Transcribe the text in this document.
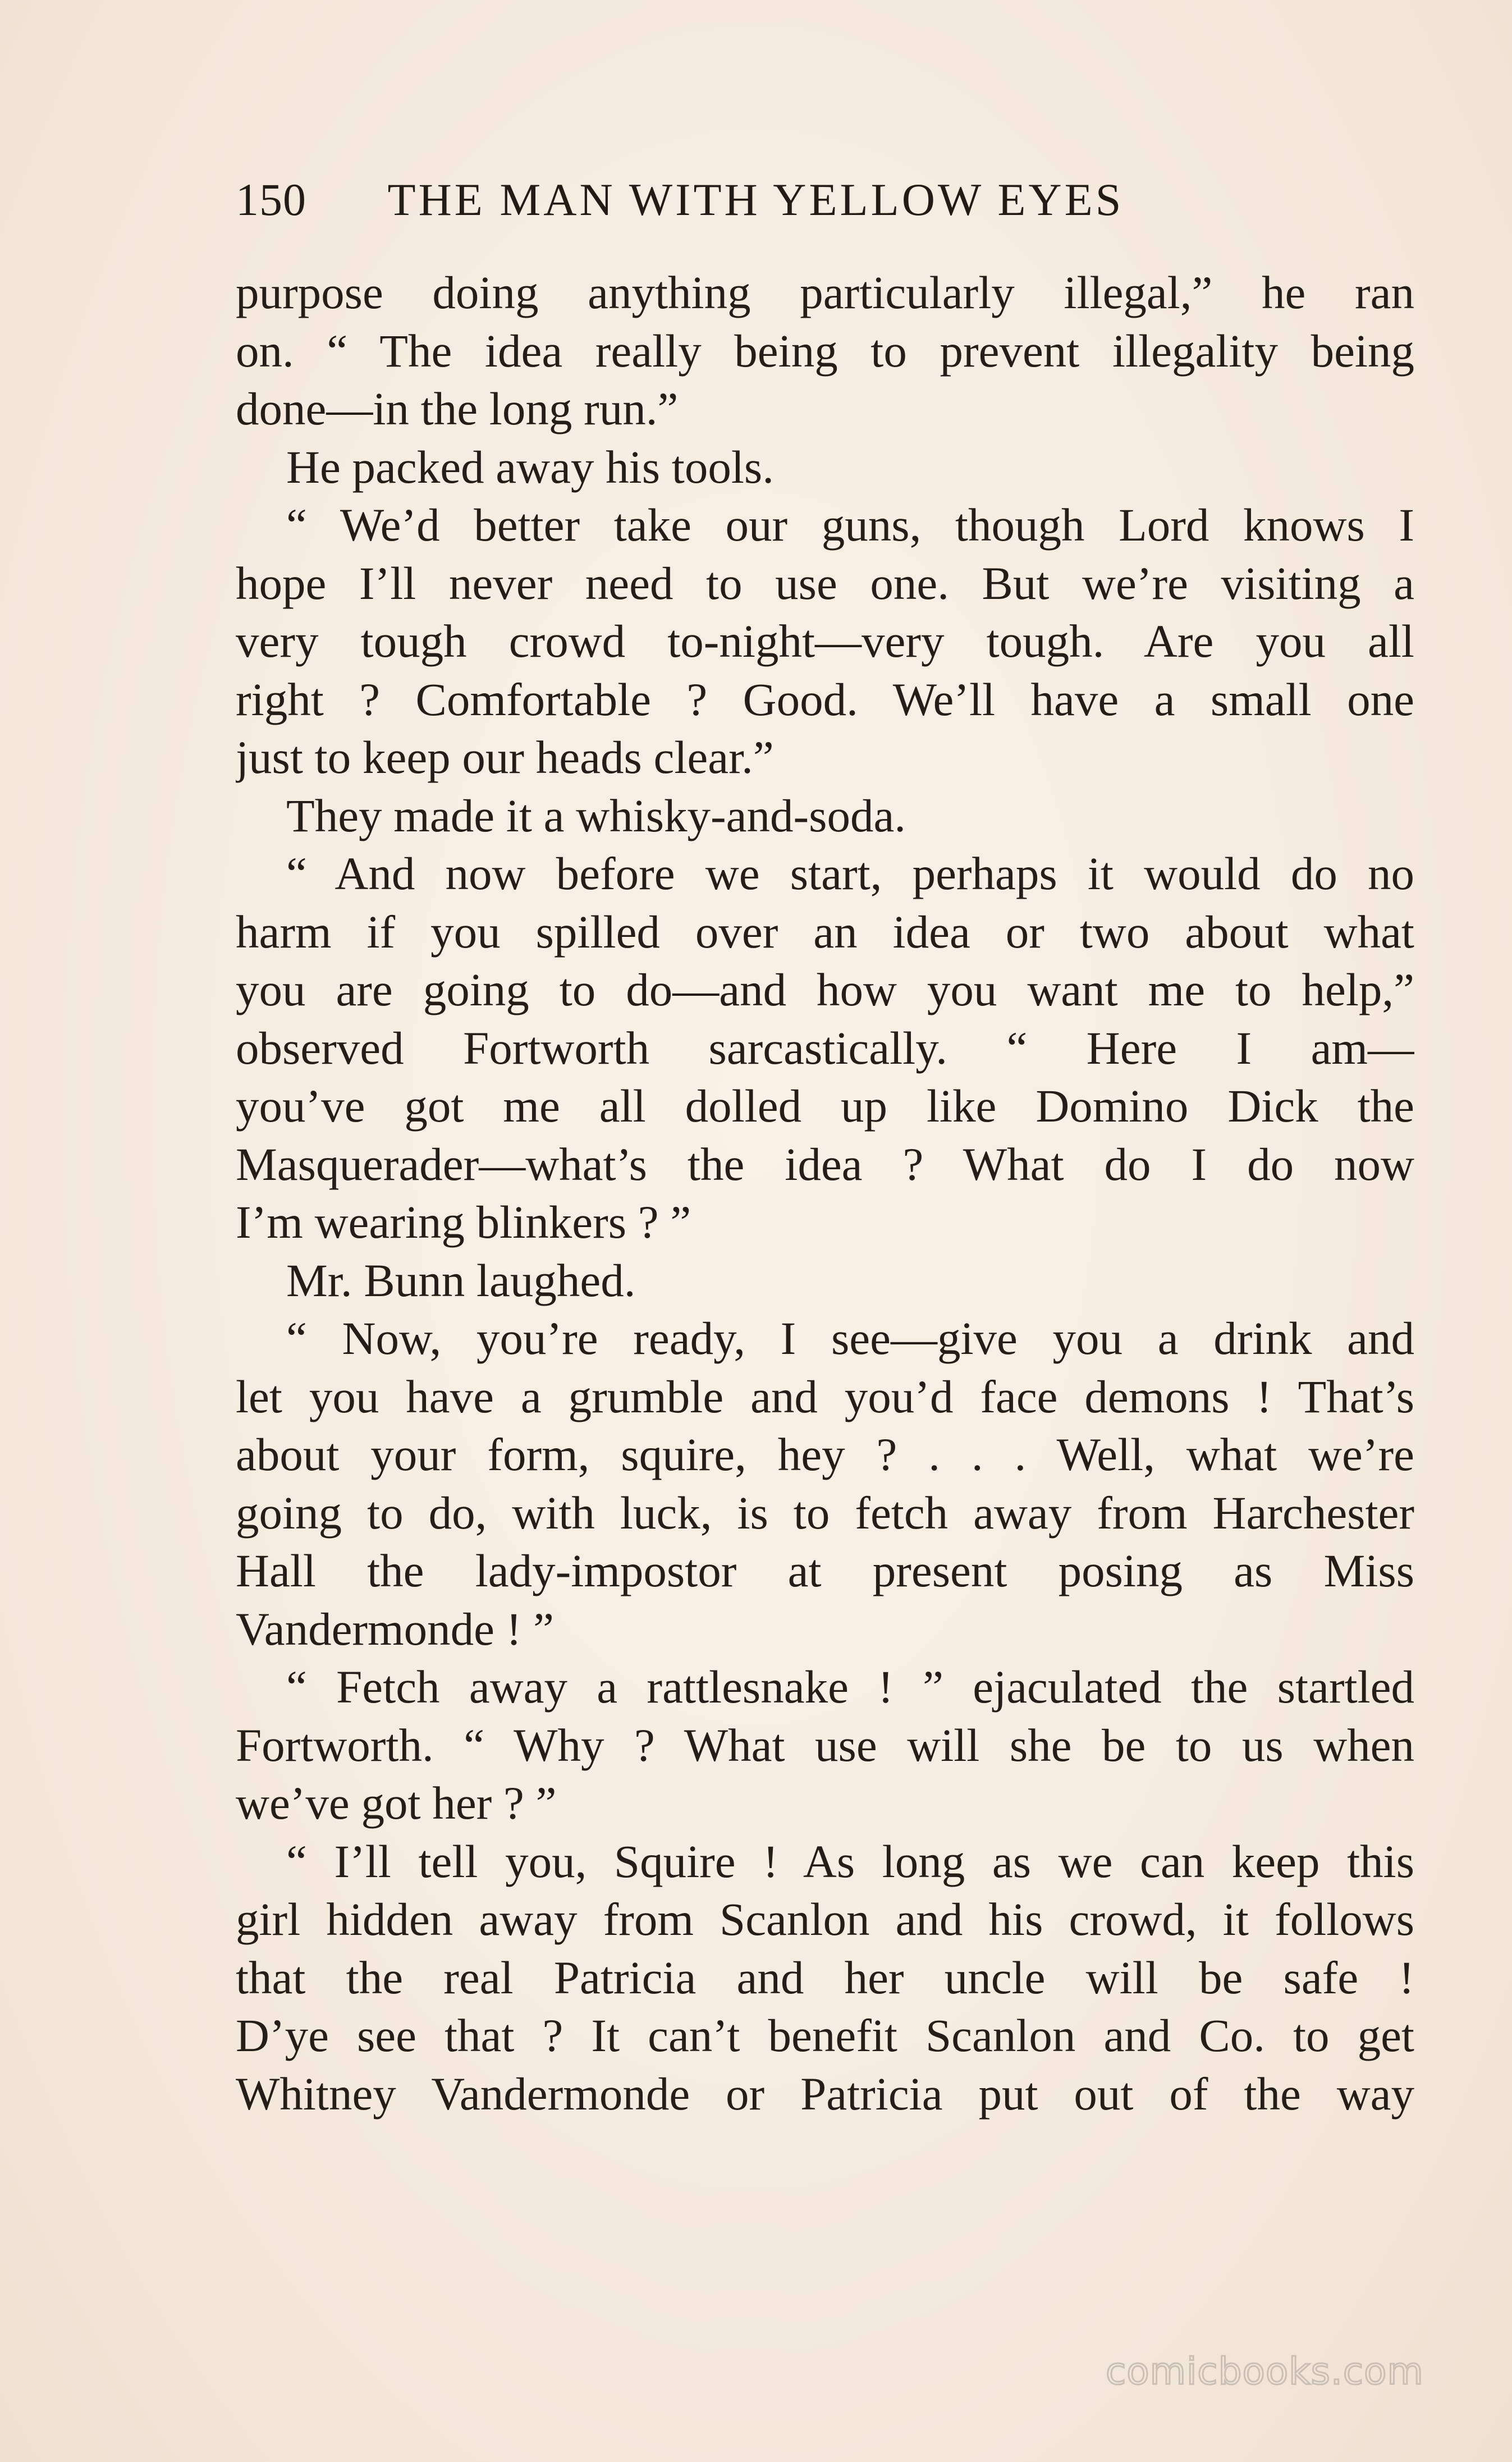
150 THE MAN WITH YELLOW EYES
purpose doing anything particularly illegal,” he ran
on. “ The idea really being to prevent illegality being
done—in the long run.”
He packed away his tools.
“ We’d better take our guns, though Lord knows I
hope I’ll never need to use one. But we’re visiting a
very tough crowd to-night—very tough. Are you all
right ? Comfortable ? Good. We’ll have a small one
just to keep our heads clear.”
They made it a whisky-and-soda.
“ And now before we start, perhaps it would do no
harm if you spilled over an idea or two about what
you are going to do—and how you want me to help,”
observed Fortworth sarcastically. “ Here I am—
you’ve got me all dolled up like Domino Dick the
Masquerader—what’s the idea ? What do I do now
I’m wearing blinkers ? ”
Mr. Bunn laughed.
“ Now, you’re ready, I see—give you a drink and
let you have a grumble and you’d face demons ! That’s
about your form, squire, hey ? . . . Well, what we’re
going to do, with luck, is to fetch away from Harchester
Hall the lady-impostor at present posing as Miss
Vandermonde ! ”
“ Fetch away a rattlesnake ! ” ejaculated the startled
Fortworth. “ Why ? What use will she be to us when
we’ve got her ? ”
“ I’ll tell you, Squire ! As long as we can keep this
girl hidden away from Scanlon and his crowd, it follows
that the real Patricia and her uncle will be safe !
D’ye see that ? It can’t benefit Scanlon and Co. to get
Whitney Vandermonde or Patricia put out of the way
comicbooks.com
